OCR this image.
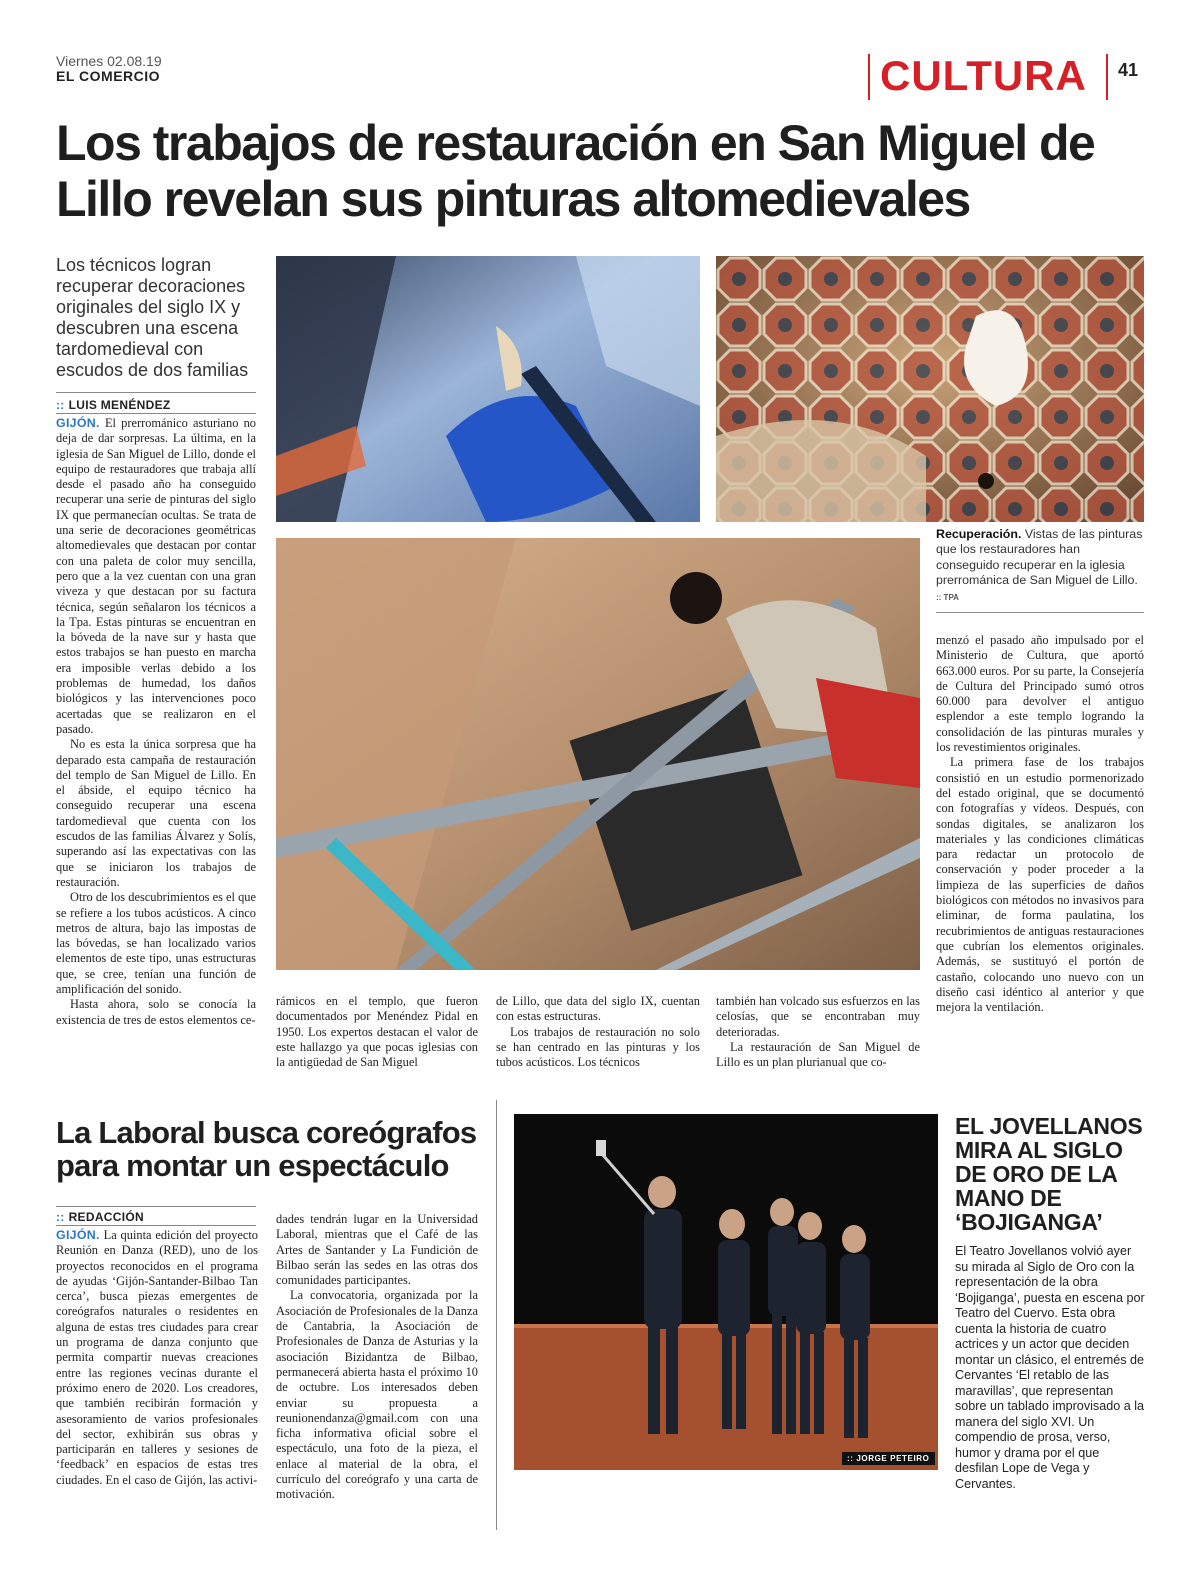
Viernes 02.08.19
EL COMERCIO	CULTURA 41
Los trabajos de restauración en San Miguel de Lillo revelan sus pinturas altomedievales
Los técnicos logran recuperar decoraciones originales del siglo IX y descubren una escena tardomedieval con escudos de dos familias
:: LUIS MENÉNDEZ

GIJÓN. El prerrománico asturiano no deja de dar sorpresas. La última, en la iglesia de San Miguel de Lillo, donde el equipo de restauradores que trabaja allí desde el pasado año ha conseguido recuperar una serie de pinturas del siglo IX que permanecían ocultas. Se trata de una serie de decoraciones geométricas altomedievales que destacan por contar con una paleta de color muy sencilla, pero que a la vez cuentan con una gran viveza y que destacan por su factura técnica, según señalaron los técnicos a la Tpa. Estas pinturas se encuentran en la bóveda de la nave sur y hasta que estos trabajos se han puesto en marcha era imposible verlas debido a los problemas de humedad, los daños biológicos y las intervenciones poco acertadas que se realizaron en el pasado.

No es esta la única sorpresa que ha deparado esta campaña de restauración del templo de San Miguel de Lillo. En el ábside, el equipo técnico ha conseguido recuperar una escena tardomedieval que cuenta con los escudos de las familias Álvarez y Solís, superando así las expectativas con las que se iniciaron los trabajos de restauración.

Otro de los descubrimientos es el que se refiere a los tubos acústicos. A cinco metros de altura, bajo las impostas de las bóvedas, se han localizado varios elementos de este tipo, unas estructuras que, se cree, tenían una función de amplificación del sonido.

Hasta ahora, solo se conocía la existencia de tres de estos elementos ce-

Recuperación. Vistas de las pinturas que los restauradores han conseguido recuperar en la iglesia prerrománica de San Miguel de Lillo. :: TPA

menzó el pasado año impulsado por el Ministerio de Cultura, que aportó 663.000 euros. Por su parte, la Consejería de Cultura del Principado sumó otros 60.000 para devolver el antiguo esplendor a este templo logrando la consolidación de las pinturas murales y los revestimientos originales.

La primera fase de los trabajos consistió en un estudio pormenorizado del estado original, que se documentó con fotografías y vídeos. Después, con sondas digitales, se analizaron los materiales y las condiciones climáticas para redactar un protocolo de conservación y poder proceder a la limpieza de las superficies de daños biológicos con métodos no invasivos para eliminar, de forma paulatina, los recubrimientos de antiguas restauraciones que cubrían los elementos originales. Además, se sustituyó el portón de castaño, colocando uno nuevo con un diseño casi idéntico al anterior y que mejora la ventilación.

rámicos en el templo, que fueron documentados por Menéndez Pidal en 1950. Los expertos destacan el valor de este hallazgo ya que pocas iglesias con la antigüedad de San Miguel

de Lillo, que data del siglo IX, cuentan con estas estructuras.

Los trabajos de restauración no solo se han centrado en las pinturas y los tubos acústicos. Los técnicos

también han volcado sus esfuerzos en las celosías, que se encontraban muy deterioradas.

La restauración de San Miguel de Lillo es un plan plurianual que co-

La Laboral busca coreógrafos para montar un espectáculo
:: REDACCIÓN

GIJÓN. La quinta edición del proyecto Reunión en Danza (RED), uno de los proyectos reconocidos en el programa de ayudas ‘Gijón-Santander-Bilbao Tan cerca’, busca piezas emergentes de coreógrafos naturales o residentes en alguna de estas tres ciudades para crear un programa de danza conjunto que permita compartir nuevas creaciones entre las regiones vecinas durante el próximo enero de 2020. Los creadores, que también recibirán formación y asesoramiento de varios profesionales del sector, exhibirán sus obras y participarán en talleres y sesiones de ‘feedback’ en espacios de estas tres ciudades. En el caso de Gijón, las activi-

dades tendrán lugar en la Universidad Laboral, mientras que el Café de las Artes de Santander y La Fundición de Bilbao serán las sedes en las otras dos comunidades participantes.

La convocatoria, organizada por la Asociación de Profesionales de la Danza de Cantabria, la Asociación de Profesionales de Danza de Asturias y la asociación Bizidantza de Bilbao, permanecerá abierta hasta el próximo 10 de octubre. Los interesados deben enviar su propuesta a reunionendanza@gmail.com con una ficha informativa oficial sobre el espectáculo, una foto de la pieza, el enlace al material de la obra, el currículo del coreógrafo y una carta de motivación.

:: JORGE PETEIRO
EL JOVELLANOS MIRA AL SIGLO DE ORO DE LA MANO DE ‘BOJIGANGA’
El Teatro Jovellanos volvió ayer su mirada al Siglo de Oro con la representación de la obra ‘Bojiganga’, puesta en escena por Teatro del Cuervo. Esta obra cuenta la historia de cuatro actrices y un actor que deciden montar un clásico, el entremés de Cervantes ‘El retablo de las maravillas’, que representan sobre un tablado improvisado a la manera del siglo XVI. Un compendio de prosa, verso, humor y drama por el que desfilan Lope de Vega y Cervantes.
